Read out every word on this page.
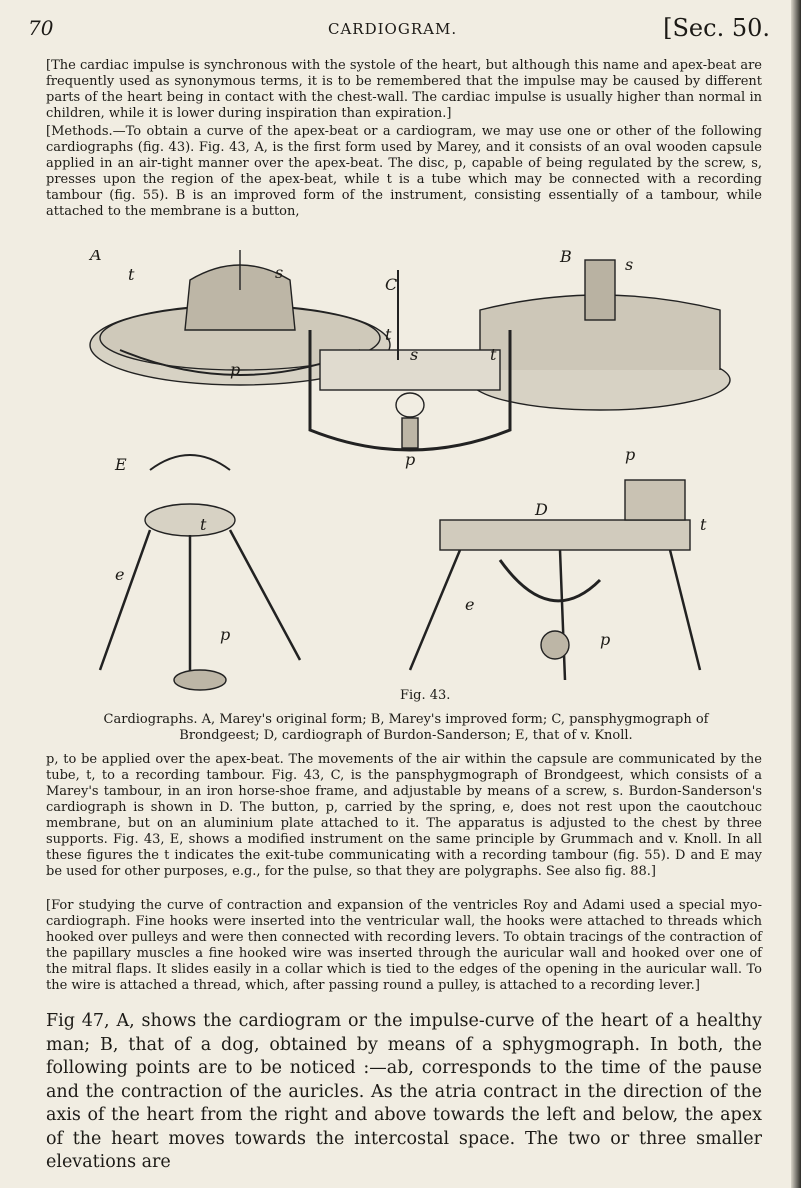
70	CARDIOGRAM.	[Sec. 50.

[The cardiac impulse is synchronous with the systole of the heart, but although this name and apex-beat are frequently used as synonymous terms, it is to be remembered that the impulse may be caused by different parts of the heart being in contact with the chest-wall. The cardiac impulse is usually higher than normal in children, while it is lower during inspiration than expiration.]

[Methods.—To obtain a curve of the apex-beat or a cardiogram, we may use one or other of the following cardiographs (fig. 43). Fig. 43, A, is the first form used by Marey, and it consists of an oval wooden capsule applied in an air-tight manner over the apex-beat. The disc, p, capable of being regulated by the screw, s, presses upon the region of the apex-beat, while t is a tube which may be connected with a recording tambour (fig. 55). B is an improved form of the instrument, consisting essentially of a tambour, while attached to the membrane is a button,

A
t	s
p
B	s
C
t
s	t
p	p
E
t
e
p
D
t
e
p
Fig. 43.

Cardiographs. A, Marey's original form; B, Marey's improved form; C, pansphygmograph of Brondgeest; D, cardiograph of Burdon-Sanderson; E, that of v. Knoll.

p, to be applied over the apex-beat. The movements of the air within the capsule are communicated by the tube, t, to a recording tambour. Fig. 43, C, is the pansphygmograph of Brondgeest, which consists of a Marey's tambour, in an iron horse-shoe frame, and adjustable by means of a screw, s. Burdon-Sanderson's cardiograph is shown in D. The button, p, carried by the spring, e, does not rest upon the caoutchouc membrane, but on an aluminium plate attached to it. The apparatus is adjusted to the chest by three supports. Fig. 43, E, shows a modified instrument on the same principle by Grummach and v. Knoll. In all these figures the t indicates the exit-tube communicating with a recording tambour (fig. 55). D and E may be used for other purposes, e.g., for the pulse, so that they are polygraphs. See also fig. 88.]

[For studying the curve of contraction and expansion of the ventricles Roy and Adami used a special myo-cardiograph. Fine hooks were inserted into the ventricular wall, the hooks were attached to threads which hooked over pulleys and were then connected with recording levers. To obtain tracings of the contraction of the papillary muscles a fine hooked wire was inserted through the auricular wall and hooked over one of the mitral flaps. It slides easily in a collar which is tied to the edges of the opening in the auricular wall. To the wire is attached a thread, which, after passing round a pulley, is attached to a recording lever.]

Fig 47, A, shows the cardiogram or the impulse-curve of the heart of a healthy man; B, that of a dog, obtained by means of a sphygmograph. In both, the following points are to be noticed :—ab, corresponds to the time of the pause and the contraction of the auricles. As the atria contract in the direction of the axis of the heart from the right and above towards the left and below, the apex of the heart moves towards the intercostal space. The two or three smaller elevations are
